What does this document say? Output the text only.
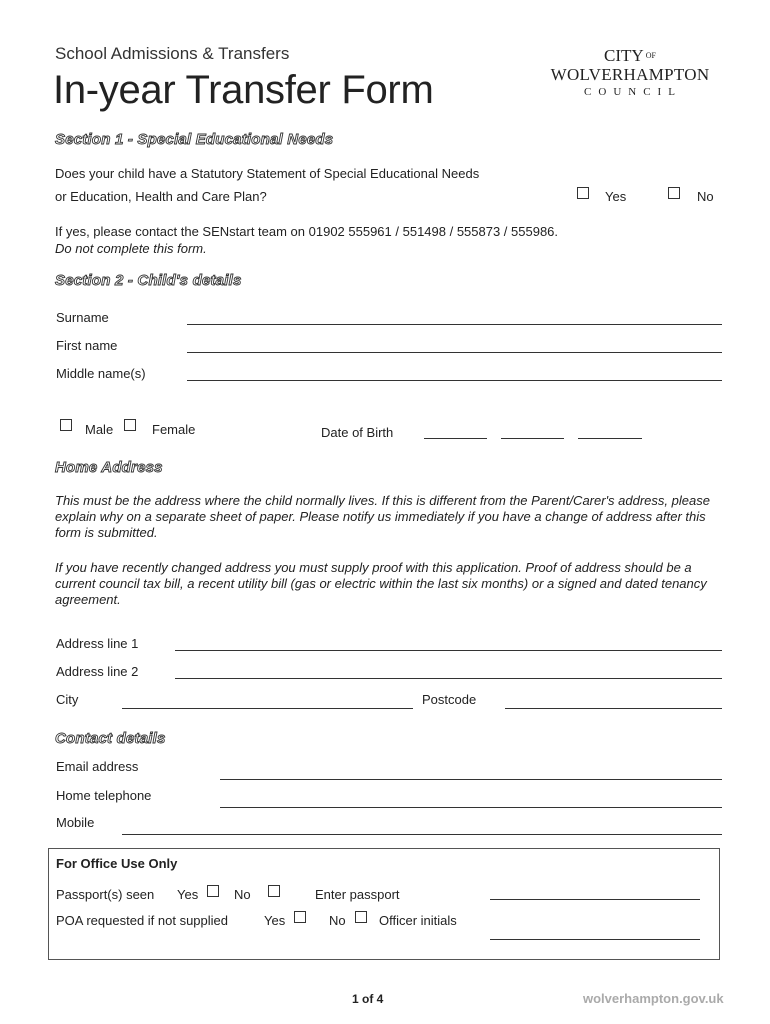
School Admissions & Transfers
In-year Transfer Form
CITY $^{OF}$
WOLVERHAMPTON
COUNCIL
Section 1 - Special Educational Needs
Does your child have a Statutory Statement of Special Educational Needs
or Education, Health and Care Plan?	Yes	No
If yes, please contact the SENstart team on 01902 555961 / 551498 / 555873 / 555986.
Do not complete this form.
Section 2 - Child's details
Surname
First name
Middle name(s)
Male	Female	Date of Birth
Home Address
This must be the address where the child normally lives. If this is different from the Parent/Carer's address, please explain why on a separate sheet of paper. Please notify us immediately if you have a change of address after this form is submitted.
If you have recently changed address you must supply proof with this application. Proof of address should be a current council tax bill, a recent utility bill (gas or electric within the last six months) or a signed and dated tenancy agreement.
Address line 1
Address line 2
City	Postcode
Contact details
Email address
Home telephone
Mobile
For Office Use Only
Passport(s) seen Yes	No	Enter passport
POA requested if not supplied	Yes	No	Officer initials
1 of 4	wolverhampton.gov.uk
